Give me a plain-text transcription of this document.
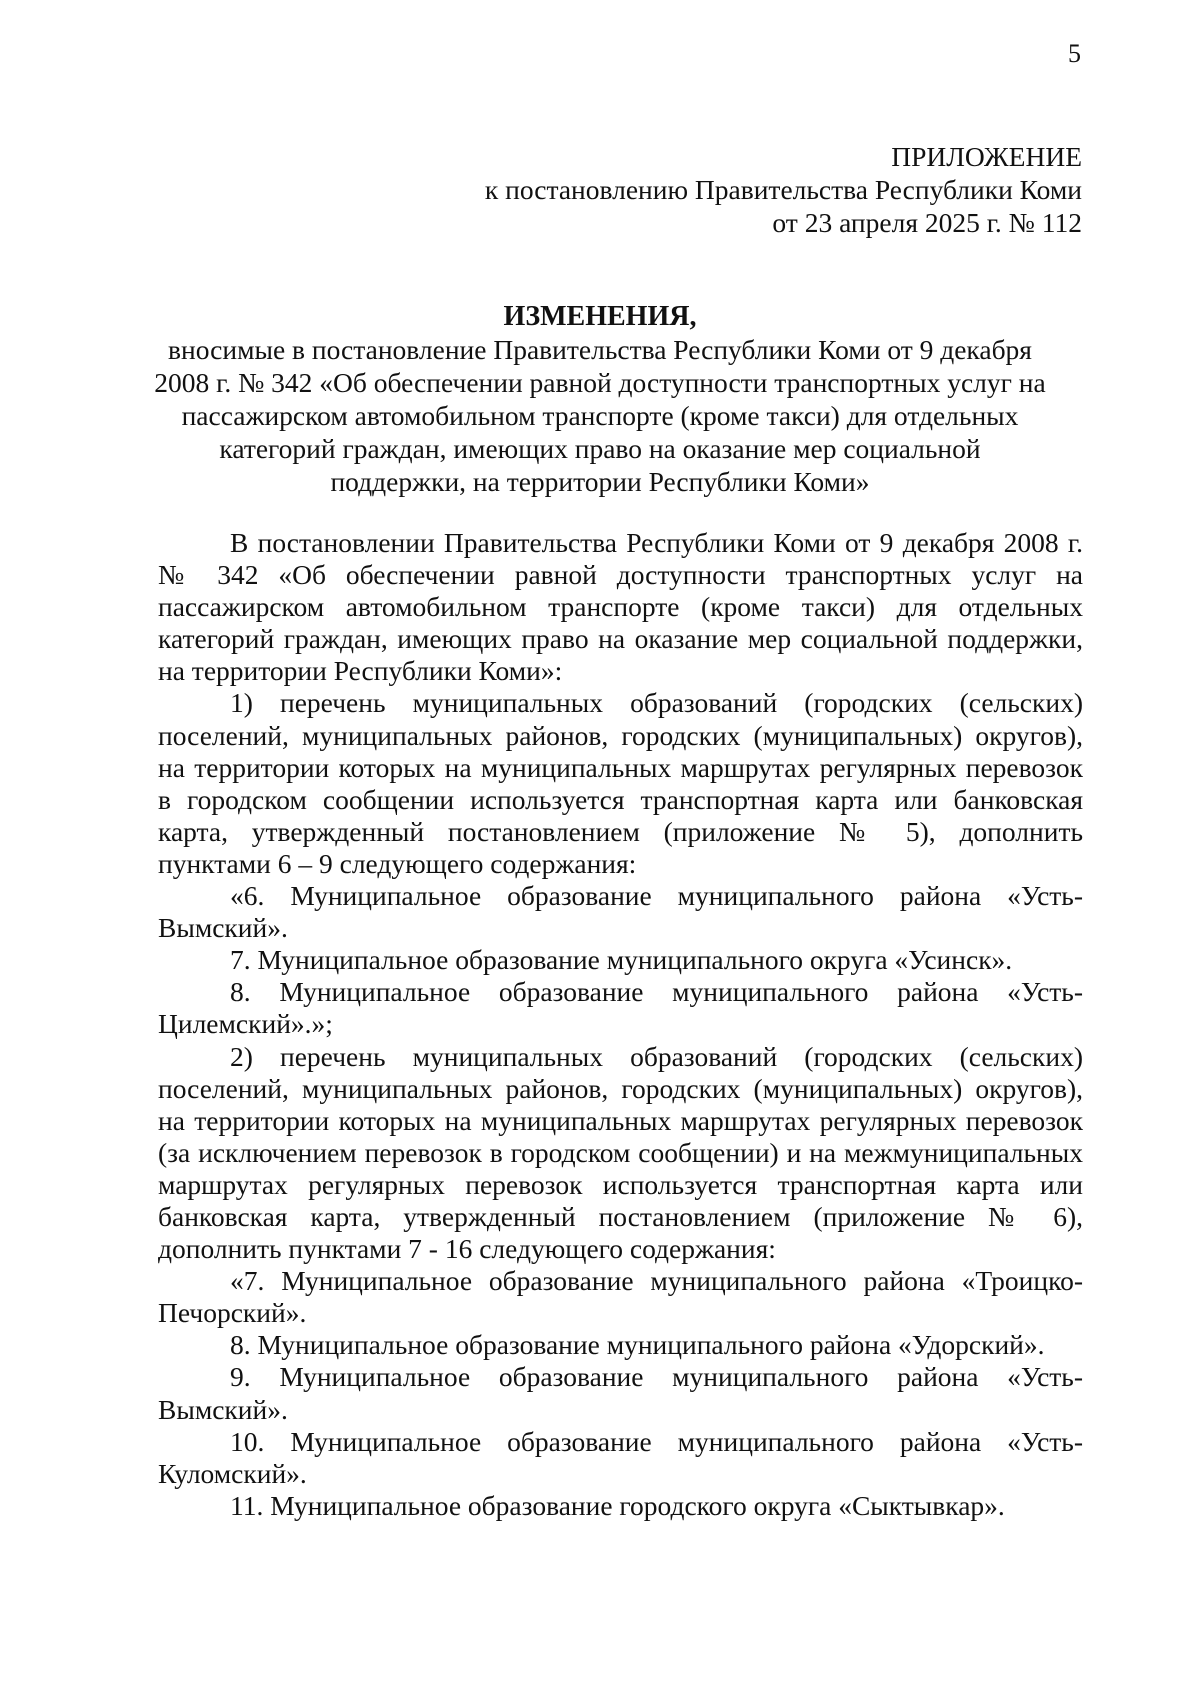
5
ПРИЛОЖЕНИЕ
к постановлению Правительства Республики Коми
от 23 апреля 2025 г. № 112
ИЗМЕНЕНИЯ,
вносимые в постановление Правительства Республики Коми от 9 декабря
2008 г. № 342 «Об обеспечении равной доступности транспортных услуг на
пассажирском автомобильном транспорте (кроме такси) для отдельных
категорий граждан, имеющих право на оказание мер социальной
поддержки, на территории Республики Коми»

В постановлении Правительства Республики Коми от 9 декабря 2008 г. № 342 «Об обеспечении равной доступности транспортных услуг на пассажирском автомобильном транспорте (кроме такси) для отдельных категорий граждан, имеющих право на оказание мер социальной поддержки, на территории Республики Коми»:

1) перечень муниципальных образований (городских (сельских) поселений, муниципальных районов, городских (муниципальных) округов), на территории которых на муниципальных маршрутах регулярных перевозок в городском сообщении используется транспортная карта или банковская карта, утвержденный постановлением (приложение № 5), дополнить пунктами 6 – 9 следующего содержания:

«6. Муниципальное образование муниципального района «Усть-Вымский».

7. Муниципальное образование муниципального округа «Усинск».

8. Муниципальное образование муниципального района «Усть-Цилемский».»;

2) перечень муниципальных образований (городских (сельских) поселений, муниципальных районов, городских (муниципальных) округов), на территории которых на муниципальных маршрутах регулярных перевозок (за исключением перевозок в городском сообщении) и на межмуниципальных маршрутах регулярных перевозок используется транспортная карта или банковская карта, утвержденный постановлением (приложение № 6), дополнить пунктами 7 - 16 следующего содержания:

«7. Муниципальное образование муниципального района «Троицко-Печорский».

8. Муниципальное образование муниципального района «Удорский».

9. Муниципальное образование муниципального района «Усть-Вымский».

10. Муниципальное образование муниципального района «Усть-Куломский».

11. Муниципальное образование городского округа «Сыктывкар».
